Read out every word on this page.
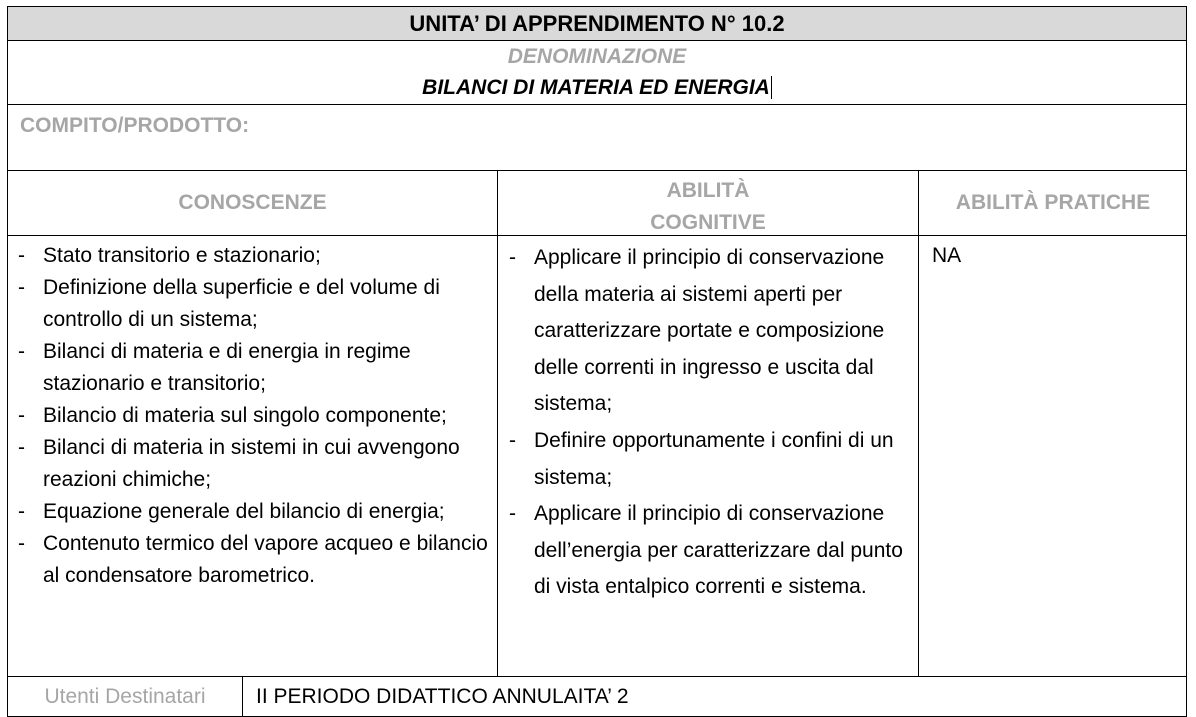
UNITA’ DI APPRENDIMENTO N° 10.2
DENOMINAZIONE
BILANCI DI MATERIA ED ENERGIA
COMPITO/PRODOTTO:
CONOSCENZE
ABILITÀ
COGNITIVE
ABILITÀ PRATICHE
- Stato transitorio e stazionario;
- Definizione della superficie e del volume di controllo di un sistema;
- Bilanci di materia e di energia in regime stazionario e transitorio;
- Bilancio di materia sul singolo componente;
- Bilanci di materia in sistemi in cui avvengono reazioni chimiche;
- Equazione generale del bilancio di energia;
- Contenuto termico del vapore acqueo e bilancio al condensatore barometrico.
- Applicare il principio di conservazione della materia ai sistemi aperti per caratterizzare portate e composizione delle correnti in ingresso e uscita dal sistema;
- Definire opportunamente i confini di un sistema;
- Applicare il principio di conservazione dell’energia per caratterizzare dal punto di vista entalpico correnti e sistema.
NA
Utenti Destinatari	II PERIODO DIDATTICO ANNULAITA’ 2
